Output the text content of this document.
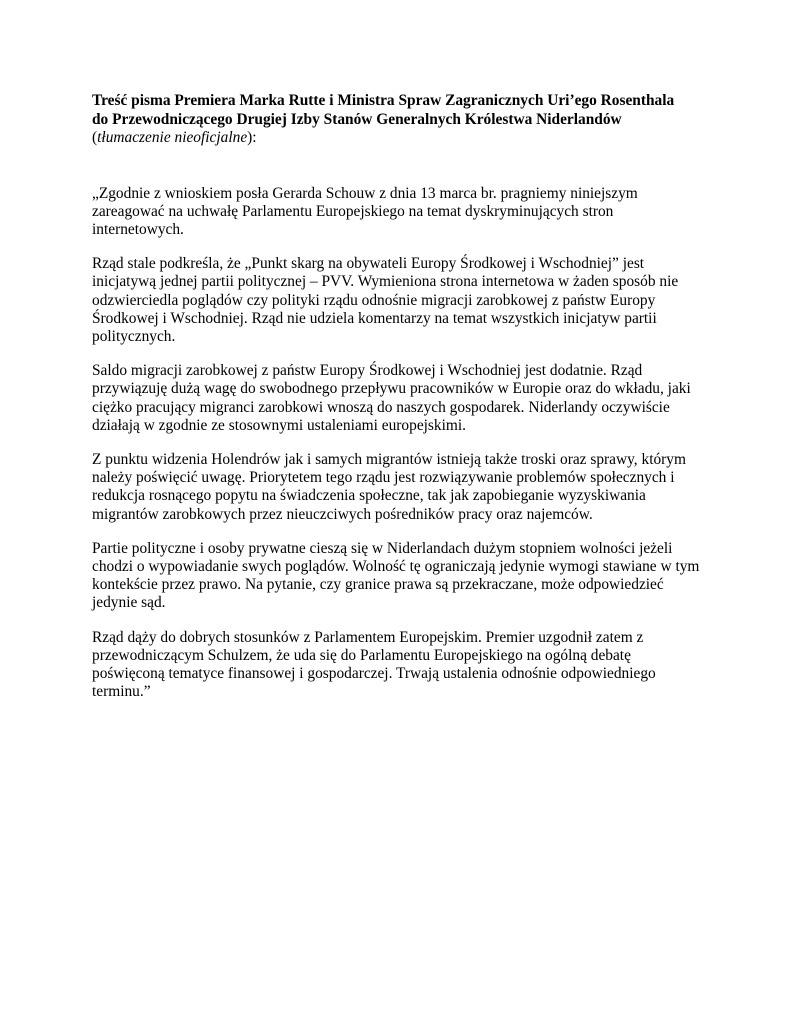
Treść pisma Premiera Marka Rutte i Ministra Spraw Zagranicznych Uri’ego Rosenthala
do Przewodniczącego Drugiej Izby Stanów Generalnych Królestwa Niderlandów
(tłumaczenie nieoficjalne):

„Zgodnie z wnioskiem posła Gerarda Schouw z dnia 13 marca br. pragniemy niniejszym zareagować na uchwałę Parlamentu Europejskiego na temat dyskryminujących stron internetowych.

Rząd stale podkreśla, że „Punkt skarg na obywateli Europy Środkowej i Wschodniej” jest inicjatywą jednej partii politycznej – PVV. Wymieniona strona internetowa w żaden sposób nie odzwierciedla poglądów czy polityki rządu odnośnie migracji zarobkowej z państw Europy Środkowej i Wschodniej. Rząd nie udziela komentarzy na temat wszystkich inicjatyw partii politycznych.

Saldo migracji zarobkowej z państw Europy Środkowej i Wschodniej jest dodatnie. Rząd przywiązuję dużą wagę do swobodnego przepływu pracowników w Europie oraz do wkładu, jaki ciężko pracujący migranci zarobkowi wnoszą do naszych gospodarek. Niderlandy oczywiście działają w zgodnie ze stosownymi ustaleniami europejskimi.

Z punktu widzenia Holendrów jak i samych migrantów istnieją także troski oraz sprawy, którym należy poświęcić uwagę. Priorytetem tego rządu jest rozwiązywanie problemów społecznych i redukcja rosnącego popytu na świadczenia społeczne, tak jak zapobieganie wyzyskiwania migrantów zarobkowych przez nieuczciwych pośredników pracy oraz najemców.

Partie polityczne i osoby prywatne cieszą się w Niderlandach dużym stopniem wolności jeżeli chodzi o wypowiadanie swych poglądów. Wolność tę ograniczają jedynie wymogi stawiane w tym kontekście przez prawo. Na pytanie, czy granice prawa są przekraczane, może odpowiedzieć jedynie sąd.

Rząd dąży do dobrych stosunków z Parlamentem Europejskim. Premier uzgodnił zatem z przewodniczącym Schulzem, że uda się do Parlamentu Europejskiego na ogólną debatę poświęconą tematyce finansowej i gospodarczej. Trwają ustalenia odnośnie odpowiedniego terminu.”
